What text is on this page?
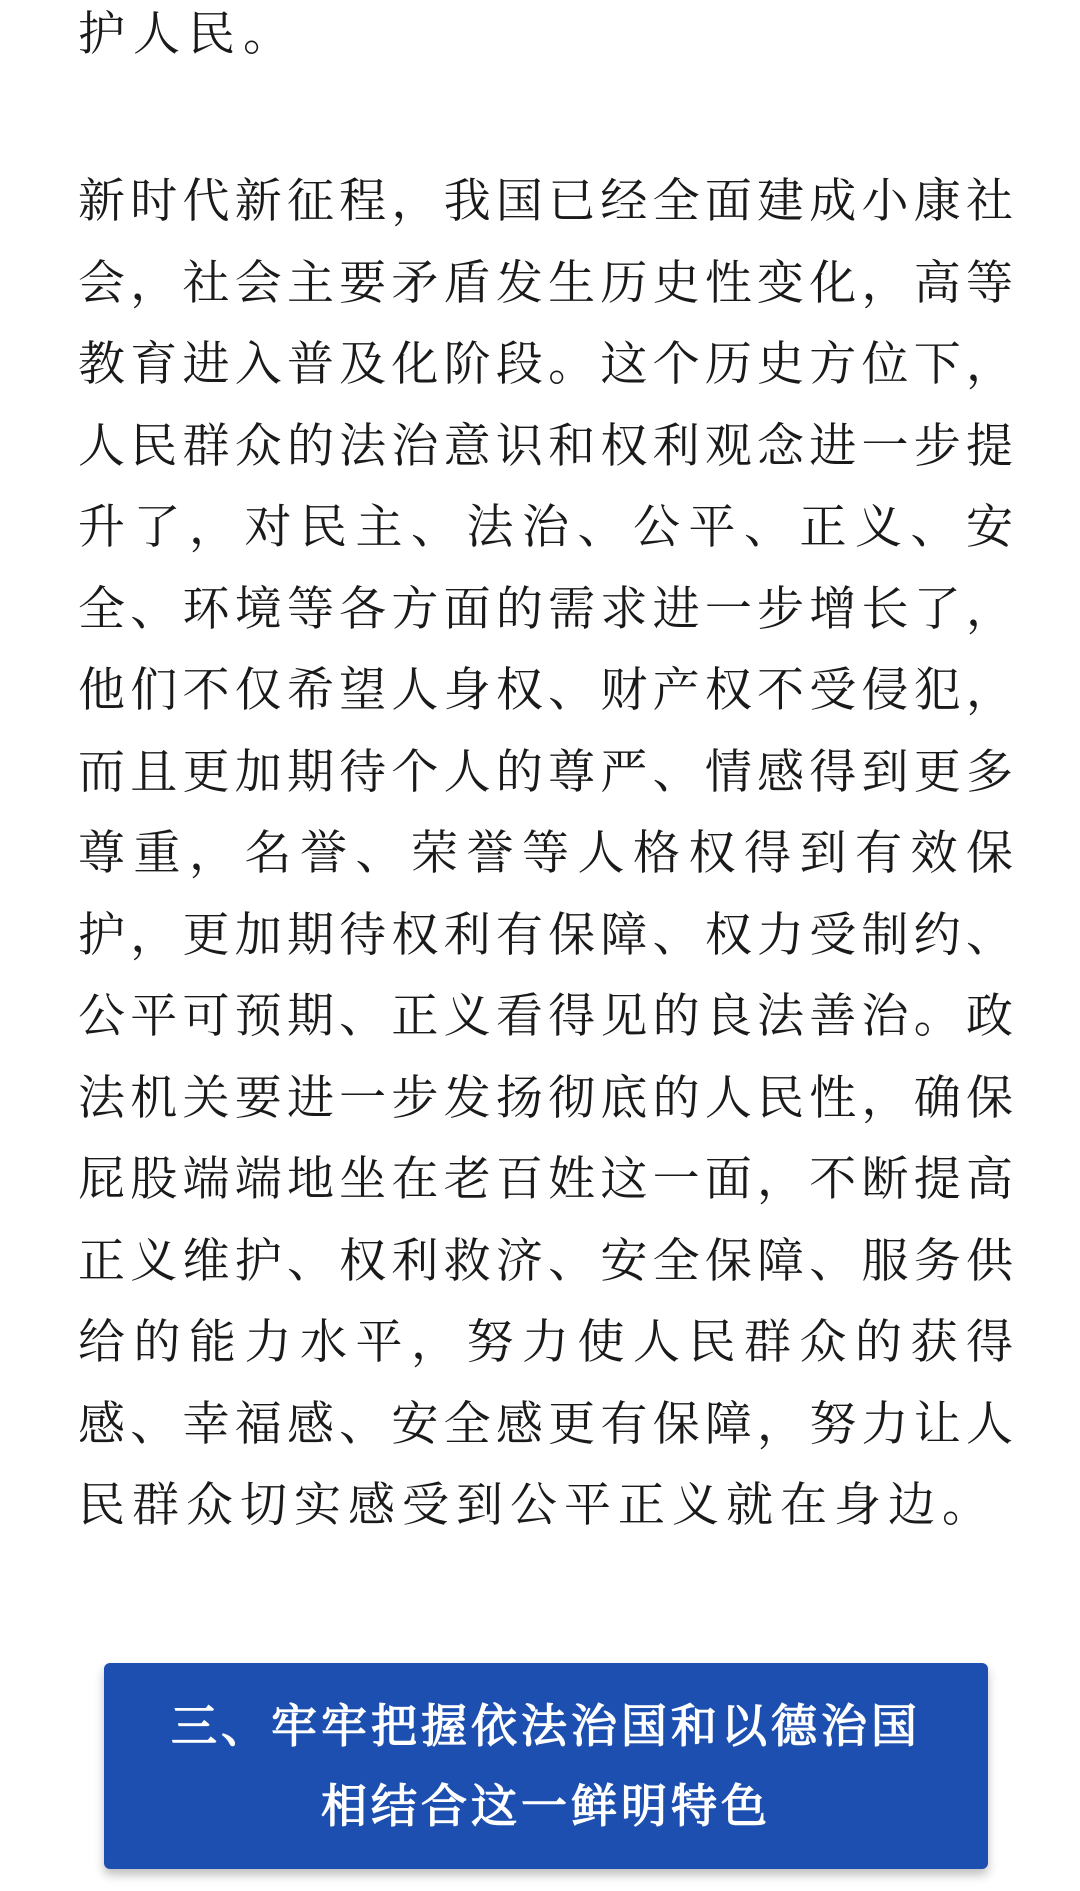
护人民。

新时代新征程，我国已经全面建成小康社
会，社会主要矛盾发生历史性变化，高等
教育进入普及化阶段。这个历史方位下，
人民群众的法治意识和权利观念进一步提
升了，对民主、法治、公平、正义、安
全、环境等各方面的需求进一步增长了，
他们不仅希望人身权、财产权不受侵犯，
而且更加期待个人的尊严、情感得到更多
尊重，名誉、荣誉等人格权得到有效保
护，更加期待权利有保障、权力受制约、
公平可预期、正义看得见的良法善治。政
法机关要进一步发扬彻底的人民性，确保
屁股端端地坐在老百姓这一面，不断提高
正义维护、权利救济、安全保障、服务供
给的能力水平，努力使人民群众的获得
感、幸福感、安全感更有保障，努力让人
民群众切实感受到公平正义就在身边。
三、牢牢把握依法治国和以德治国
相结合这一鲜明特色
